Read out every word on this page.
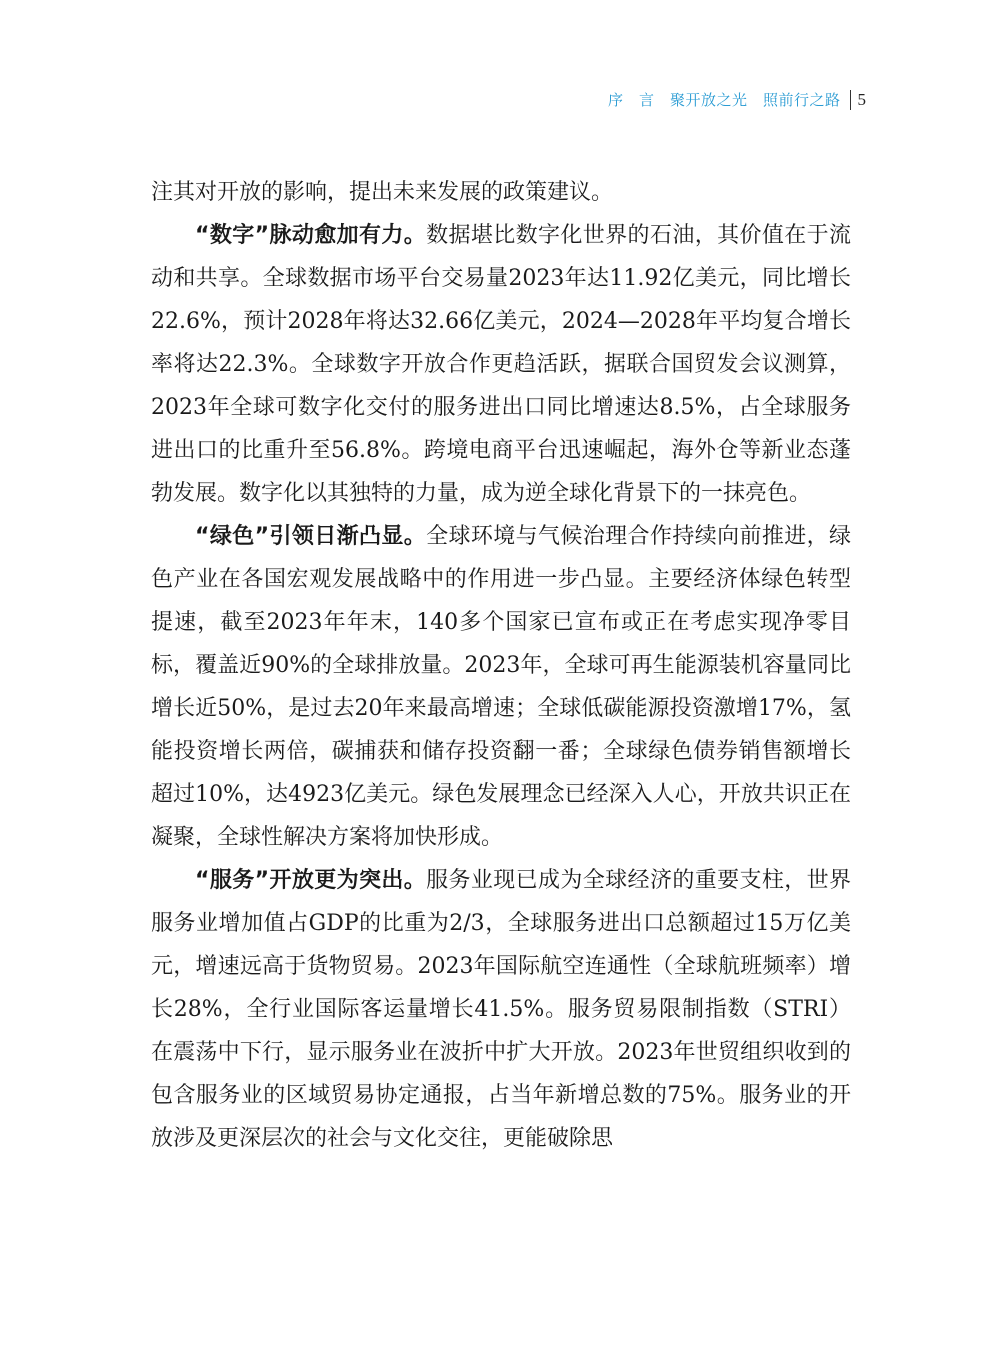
序　言　聚开放之光　照前行之路 5

注其对开放的影响，提出未来发展的政策建议。

“数字”脉动愈加有力。数据堪比数字化世界的石油，其价值在于流动和共享。全球数据市场平台交易量2023年达11.92亿美元，同比增长22.6%，预计2028年将达32.66亿美元，2024—2028年平均复合增长率将达22.3%。全球数字开放合作更趋活跃，据联合国贸发会议测算，2023年全球可数字化交付的服务进出口同比增速达8.5%，占全球服务进出口的比重升至56.8%。跨境电商平台迅速崛起，海外仓等新业态蓬勃发展。数字化以其独特的力量，成为逆全球化背景下的一抹亮色。

“绿色”引领日渐凸显。全球环境与气候治理合作持续向前推进，绿色产业在各国宏观发展战略中的作用进一步凸显。主要经济体绿色转型提速，截至2023年年末，140多个国家已宣布或正在考虑实现净零目标，覆盖近90%的全球排放量。2023年，全球可再生能源装机容量同比增长近50%，是过去20年来最高增速；全球低碳能源投资激增17%，氢能投资增长两倍，碳捕获和储存投资翻一番；全球绿色债券销售额增长超过10%，达4923亿美元。绿色发展理念已经深入人心，开放共识正在凝聚，全球性解决方案将加快形成。

“服务”开放更为突出。服务业现已成为全球经济的重要支柱，世界服务业增加值占GDP的比重为2/3，全球服务进出口总额超过15万亿美元，增速远高于货物贸易。2023年国际航空连通性（全球航班频率）增长28%，全行业国际客运量增长41.5%。服务贸易限制指数（STRI）在震荡中下行，显示服务业在波折中扩大开放。2023年世贸组织收到的包含服务业的区域贸易协定通报，占当年新增总数的75%。服务业的开放涉及更深层次的社会与文化交往，更能破除思
